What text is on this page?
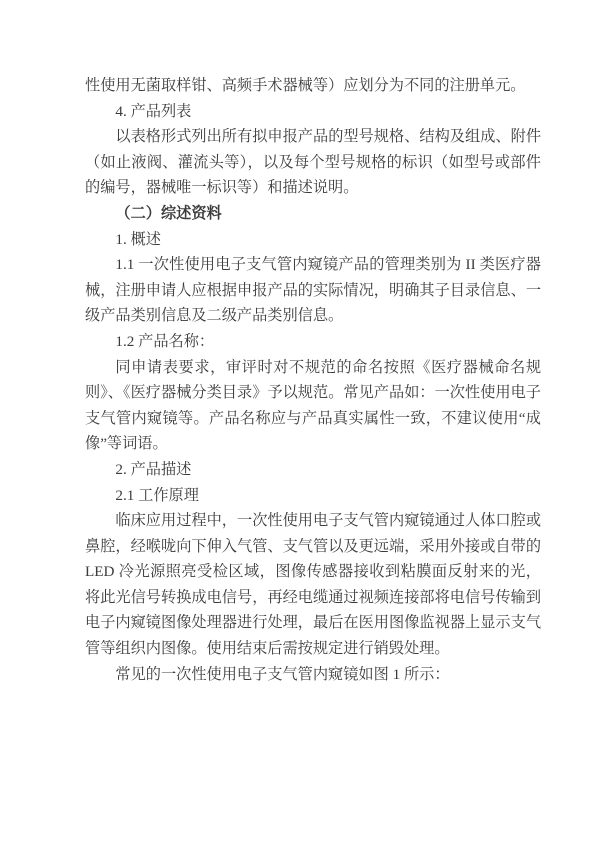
性使用无菌取样钳、高频手术器械等）应划分为不同的注册单元。

4. 产品列表

以表格形式列出所有拟申报产品的型号规格、结构及组成、附件（如止液阀、灌流头等），以及每个型号规格的标识（如型号或部件的编号，器械唯一标识等）和描述说明。

（二）综述资料

1. 概述

1.1 一次性使用电子支气管内窥镜产品的管理类别为 II 类医疗器械，注册申请人应根据申报产品的实际情况，明确其子目录信息、一级产品类别信息及二级产品类别信息。

1.2 产品名称：

同申请表要求，审评时对不规范的命名按照《医疗器械命名规则》、《医疗器械分类目录》予以规范。常见产品如：一次性使用电子支气管内窥镜等。产品名称应与产品真实属性一致，不建议使用“成像”等词语。

2. 产品描述

2.1 工作原理

临床应用过程中，一次性使用电子支气管内窥镜通过人体口腔或鼻腔，经喉咙向下伸入气管、支气管以及更远端，采用外接或自带的LED 冷光源照亮受检区域，图像传感器接收到粘膜面反射来的光，将此光信号转换成电信号，再经电缆通过视频连接部将电信号传输到电子内窥镜图像处理器进行处理，最后在医用图像监视器上显示支气管等组织内图像。使用结束后需按规定进行销毁处理。

常见的一次性使用电子支气管内窥镜如图 1 所示：
